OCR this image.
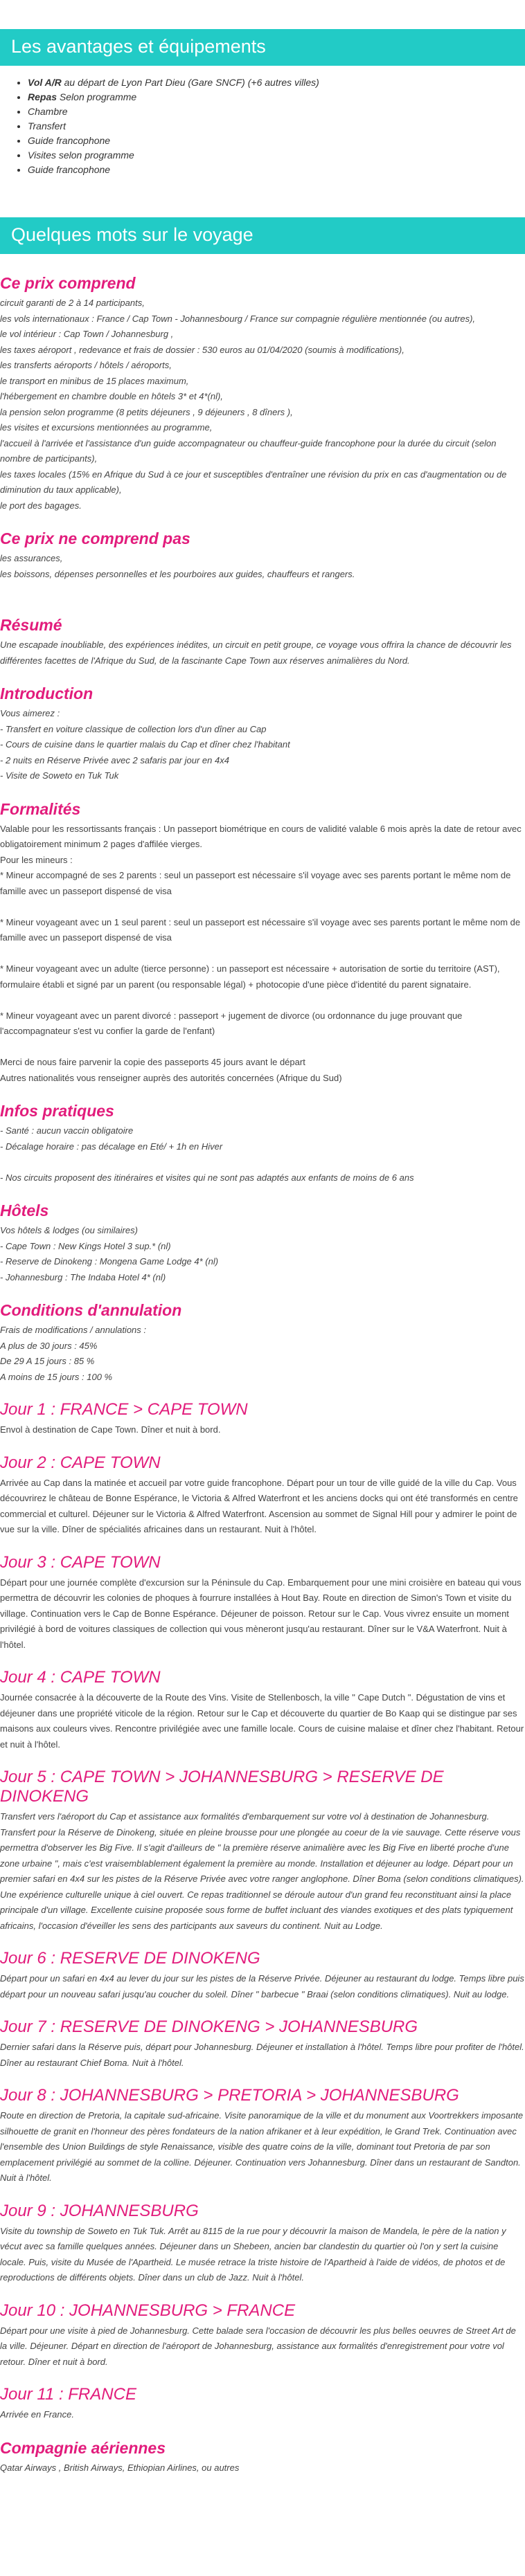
Les avantages et équipements
• Vol A/R au départ de Lyon Part Dieu (Gare SNCF) (+6 autres villes)
• Repas Selon programme
• Chambre
• Transfert
• Guide francophone
• Visites selon programme
• Guide francophone
Quelques mots sur le voyage
Ce prix comprend
circuit garanti de 2 à 14 participants,
les vols internationaux : France / Cap Town - Johannesbourg / France sur compagnie régulière mentionnée (ou autres),
le vol intérieur : Cap Town / Johannesburg ,
les taxes aéroport , redevance et frais de dossier : 530 euros au 01/04/2020 (soumis à modifications),
les transferts aéroports / hôtels / aéroports,
le transport en minibus de 15 places maximum,
l'hébergement en chambre double en hôtels 3* et 4*(nl),
la pension selon programme (8 petits déjeuners , 9 déjeuners , 8 dîners ),
les visites et excursions mentionnées au programme,
l'accueil à l'arrivée et l'assistance d'un guide accompagnateur ou chauffeur-guide francophone pour la durée du circuit (selon nombre de participants),
les taxes locales (15% en Afrique du Sud à ce jour et susceptibles d'entraîner une révision du prix en cas d'augmentation ou de diminution du taux applicable),
le port des bagages.
Ce prix ne comprend pas
les assurances,
les boissons, dépenses personnelles et les pourboires aux guides, chauffeurs et rangers.
Résumé
Une escapade inoubliable, des expériences inédites, un circuit en petit groupe, ce voyage vous offrira la chance de découvrir les différentes facettes de l'Afrique du Sud, de la fascinante Cape Town aux réserves animalières du Nord.
Introduction
Vous aimerez :
- Transfert en voiture classique de collection lors d'un dîner au Cap
- Cours de cuisine dans le quartier malais du Cap et dîner chez l'habitant
- 2 nuits en Réserve Privée avec 2 safaris par jour en 4x4
- Visite de Soweto en Tuk Tuk
Formalités
Valable pour les ressortissants français : Un passeport biométrique en cours de validité valable 6 mois après la date de retour avec obligatoirement minimum 2 pages d'affilée vierges.
Pour les mineurs :
* Mineur accompagné de ses 2 parents : seul un passeport est nécessaire s'il voyage avec ses parents portant le même nom de famille avec un passeport dispensé de visa

* Mineur voyageant avec un 1 seul parent : seul un passeport est nécessaire s'il voyage avec ses parents portant le même nom de famille avec un passeport dispensé de visa

* Mineur voyageant avec un adulte (tierce personne) : un passeport est nécessaire + autorisation de sortie du territoire (AST), formulaire établi et signé par un parent (ou responsable légal) + photocopie d'une pièce d'identité du parent signataire.

* Mineur voyageant avec un parent divorcé : passeport + jugement de divorce (ou ordonnance du juge prouvant que l'accompagnateur s'est vu confier la garde de l'enfant)

Merci de nous faire parvenir la copie des passeports 45 jours avant le départ
Autres nationalités vous renseigner auprès des autorités concernées (Afrique du Sud)
Infos pratiques
- Santé : aucun vaccin obligatoire
- Décalage horaire : pas décalage en Eté/ + 1h en Hiver

- Nos circuits proposent des itinéraires et visites qui ne sont pas adaptés aux enfants de moins de 6 ans
Hôtels
Vos hôtels & lodges (ou similaires)
- Cape Town : New Kings Hotel 3 sup.* (nl)
- Reserve de Dinokeng : Mongena Game Lodge 4* (nl)
- Johannesburg : The Indaba Hotel 4* (nl)
Conditions d'annulation
Frais de modifications / annulations :
A plus de 30 jours : 45%
De 29 A 15 jours : 85 %
A moins de 15 jours : 100 %
Jour 1 : FRANCE > CAPE TOWN
Envol à destination de Cape Town. Dîner et nuit à bord.
Jour 2 : CAPE TOWN
Arrivée au Cap dans la matinée et accueil par votre guide francophone. Départ pour un tour de ville guidé de la ville du Cap. Vous découvrirez le château de Bonne Espérance, le Victoria & Alfred Waterfront et les anciens docks qui ont été transformés en centre commercial et culturel. Déjeuner sur le Victoria & Alfred Waterfront. Ascension au sommet de Signal Hill pour y admirer le point de vue sur la ville. Dîner de spécialités africaines dans un restaurant. Nuit à l'hôtel.
Jour 3 : CAPE TOWN
Départ pour une journée complète d'excursion sur la Péninsule du Cap. Embarquement pour une mini croisière en bateau qui vous permettra de découvrir les colonies de phoques à fourrure installées à Hout Bay. Route en direction de Simon's Town et visite du village. Continuation vers le Cap de Bonne Espérance. Déjeuner de poisson. Retour sur le Cap. Vous vivrez ensuite un moment privilégié à bord de voitures classiques de collection qui vous mèneront jusqu'au restaurant. Dîner sur le V&A Waterfront. Nuit à l'hôtel.
Jour 4 : CAPE TOWN
Journée consacrée à la découverte de la Route des Vins. Visite de Stellenbosch, la ville " Cape Dutch ". Dégustation de vins et déjeuner dans une propriété viticole de la région. Retour sur le Cap et découverte du quartier de Bo Kaap qui se distingue par ses maisons aux couleurs vives. Rencontre privilégiée avec une famille locale. Cours de cuisine malaise et dîner chez l'habitant. Retour et nuit à l'hôtel.
Jour 5 : CAPE TOWN > JOHANNESBURG > RESERVE DE DINOKENG
Transfert vers l'aéroport du Cap et assistance aux formalités d'embarquement sur votre vol à destination de Johannesburg. Transfert pour la Réserve de Dinokeng, située en pleine brousse pour une plongée au coeur de la vie sauvage. Cette réserve vous permettra d'observer les Big Five. Il s'agit d'ailleurs de " la première réserve animalière avec les Big Five en liberté proche d'une zone urbaine ", mais c'est vraisemblablement également la première au monde. Installation et déjeuner au lodge. Départ pour un premier safari en 4x4 sur les pistes de la Réserve Privée avec votre ranger anglophone. Dîner Boma (selon conditions climatiques). Une expérience culturelle unique à ciel ouvert. Ce repas traditionnel se déroule autour d'un grand feu reconstituant ainsi la place principale d'un village. Excellente cuisine proposée sous forme de buffet incluant des viandes exotiques et des plats typiquement africains, l'occasion d'éveiller les sens des participants aux saveurs du continent. Nuit au Lodge.
Jour 6 : RESERVE DE DINOKENG
Départ pour un safari en 4x4 au lever du jour sur les pistes de la Réserve Privée. Déjeuner au restaurant du lodge. Temps libre puis départ pour un nouveau safari jusqu'au coucher du soleil. Dîner " barbecue " Braai (selon conditions climatiques). Nuit au lodge.
Jour 7 : RESERVE DE DINOKENG > JOHANNESBURG
Dernier safari dans la Réserve puis, départ pour Johannesburg. Déjeuner et installation à l'hôtel. Temps libre pour profiter de l'hôtel. Dîner au restaurant Chief Boma. Nuit à l'hôtel.
Jour 8 : JOHANNESBURG > PRETORIA > JOHANNESBURG
Route en direction de Pretoria, la capitale sud-africaine. Visite panoramique de la ville et du monument aux Voortrekkers imposante silhouette de granit en l'honneur des pères fondateurs de la nation afrikaner et à leur expédition, le Grand Trek. Continuation avec l'ensemble des Union Buildings de style Renaissance, visible des quatre coins de la ville, dominant tout Pretoria de par son emplacement privilégié au sommet de la colline. Déjeuner. Continuation vers Johannesburg. Dîner dans un restaurant de Sandton. Nuit à l'hôtel.
Jour 9 : JOHANNESBURG
Visite du township de Soweto en Tuk Tuk. Arrêt au 8115 de la rue pour y découvrir la maison de Mandela, le père de la nation y vécut avec sa famille quelques années. Déjeuner dans un Shebeen, ancien bar clandestin du quartier où l'on y sert la cuisine locale. Puis, visite du Musée de l'Apartheid. Le musée retrace la triste histoire de l'Apartheid à l'aide de vidéos, de photos et de reproductions de différents objets. Dîner dans un club de Jazz. Nuit à l'hôtel.
Jour 10 : JOHANNESBURG > FRANCE
Départ pour une visite à pied de Johannesburg. Cette balade sera l'occasion de découvrir les plus belles oeuvres de Street Art de la ville. Déjeuner. Départ en direction de l'aéroport de Johannesburg, assistance aux formalités d'enregistrement pour votre vol retour. Dîner et nuit à bord.
Jour 11 : FRANCE
Arrivée en France.
Compagnie aériennes
Qatar Airways , British Airways, Ethiopian Airlines, ou autres
